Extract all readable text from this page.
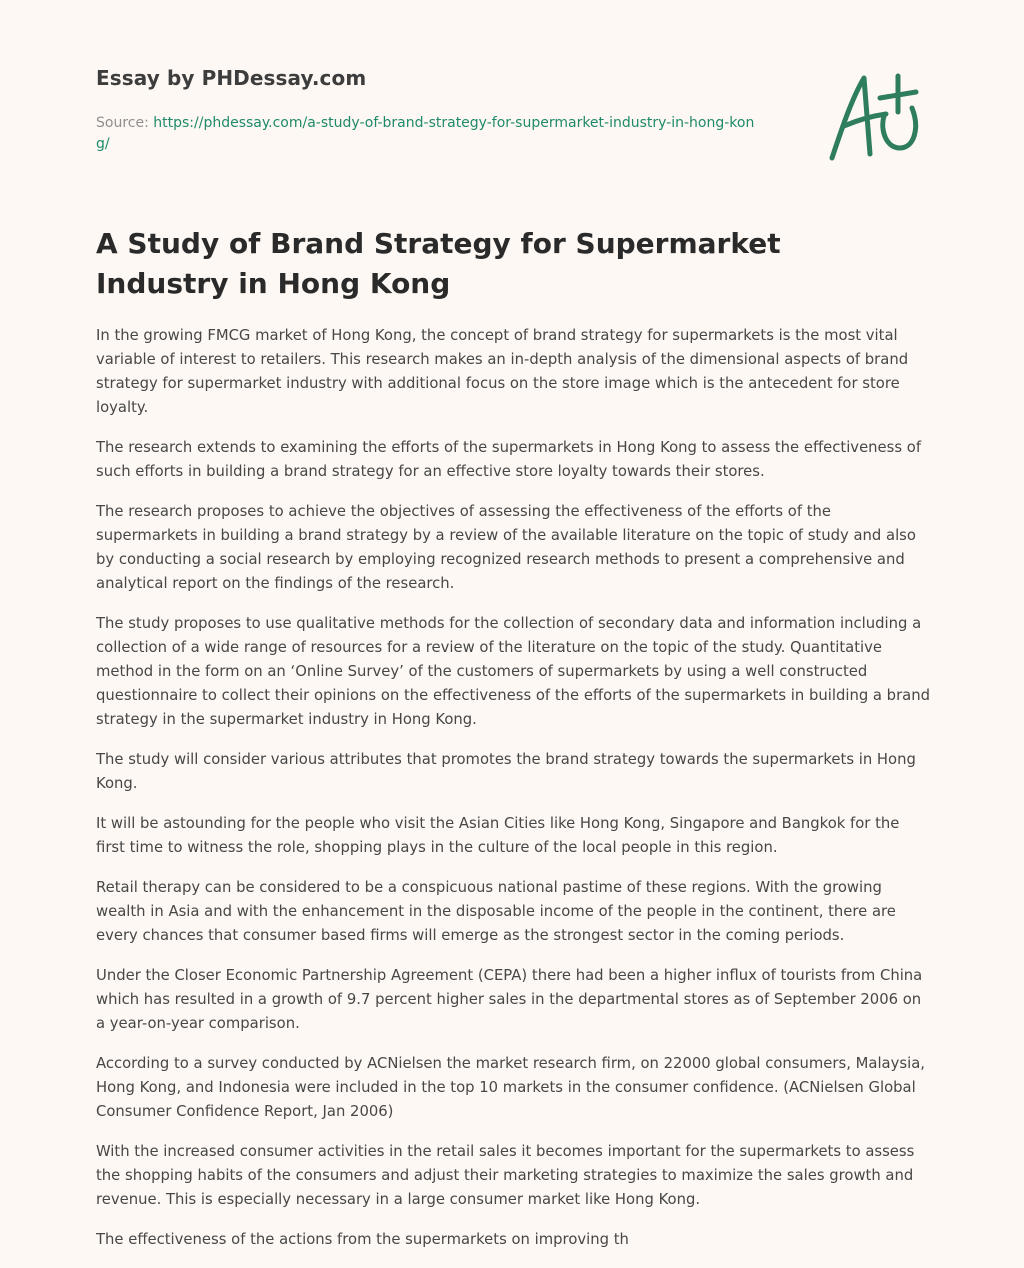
Essay by PHDessay.com
Source: https://phdessay.com/a-study-of-brand-strategy-for-supermarket-industry-in-hong-kong/
A Study of Brand Strategy for Supermarket Industry in Hong Kong

In the growing FMCG market of Hong Kong, the concept of brand strategy for supermarkets is the most vital variable of interest to retailers. This research makes an in-depth analysis of the dimensional aspects of brand strategy for supermarket industry with additional focus on the store image which is the antecedent for store loyalty.

The research extends to examining the efforts of the supermarkets in Hong Kong to assess the effectiveness of such efforts in building a brand strategy for an effective store loyalty towards their stores.

The research proposes to achieve the objectives of assessing the effectiveness of the efforts of the supermarkets in building a brand strategy by a review of the available literature on the topic of study and also by conducting a social research by employing recognized research methods to present a comprehensive and analytical report on the findings of the research.

The study proposes to use qualitative methods for the collection of secondary data and information including a collection of a wide range of resources for a review of the literature on the topic of the study. Quantitative method in the form on an ‘Online Survey’ of the customers of supermarkets by using a well constructed questionnaire to collect their opinions on the effectiveness of the efforts of the supermarkets in building a brand strategy in the supermarket industry in Hong Kong.

The study will consider various attributes that promotes the brand strategy towards the supermarkets in Hong Kong.

It will be astounding for the people who visit the Asian Cities like Hong Kong, Singapore and Bangkok for the first time to witness the role, shopping plays in the culture of the local people in this region.

Retail therapy can be considered to be a conspicuous national pastime of these regions. With the growing wealth in Asia and with the enhancement in the disposable income of the people in the continent, there are every chances that consumer based firms will emerge as the strongest sector in the coming periods.

Under the Closer Economic Partnership Agreement (CEPA) there had been a higher influx of tourists from China which has resulted in a growth of 9.7 percent higher sales in the departmental stores as of September 2006 on a year-on-year comparison.

According to a survey conducted by ACNielsen the market research firm, on 22000 global consumers, Malaysia, Hong Kong, and Indonesia were included in the top 10 markets in the consumer confidence. (ACNielsen Global Consumer Confidence Report, Jan 2006)

With the increased consumer activities in the retail sales it becomes important for the supermarkets to assess the shopping habits of the consumers and adjust their marketing strategies to maximize the sales growth and revenue. This is especially necessary in a large consumer market like Hong Kong.

The effectiveness of the actions from the supermarkets on improving th
